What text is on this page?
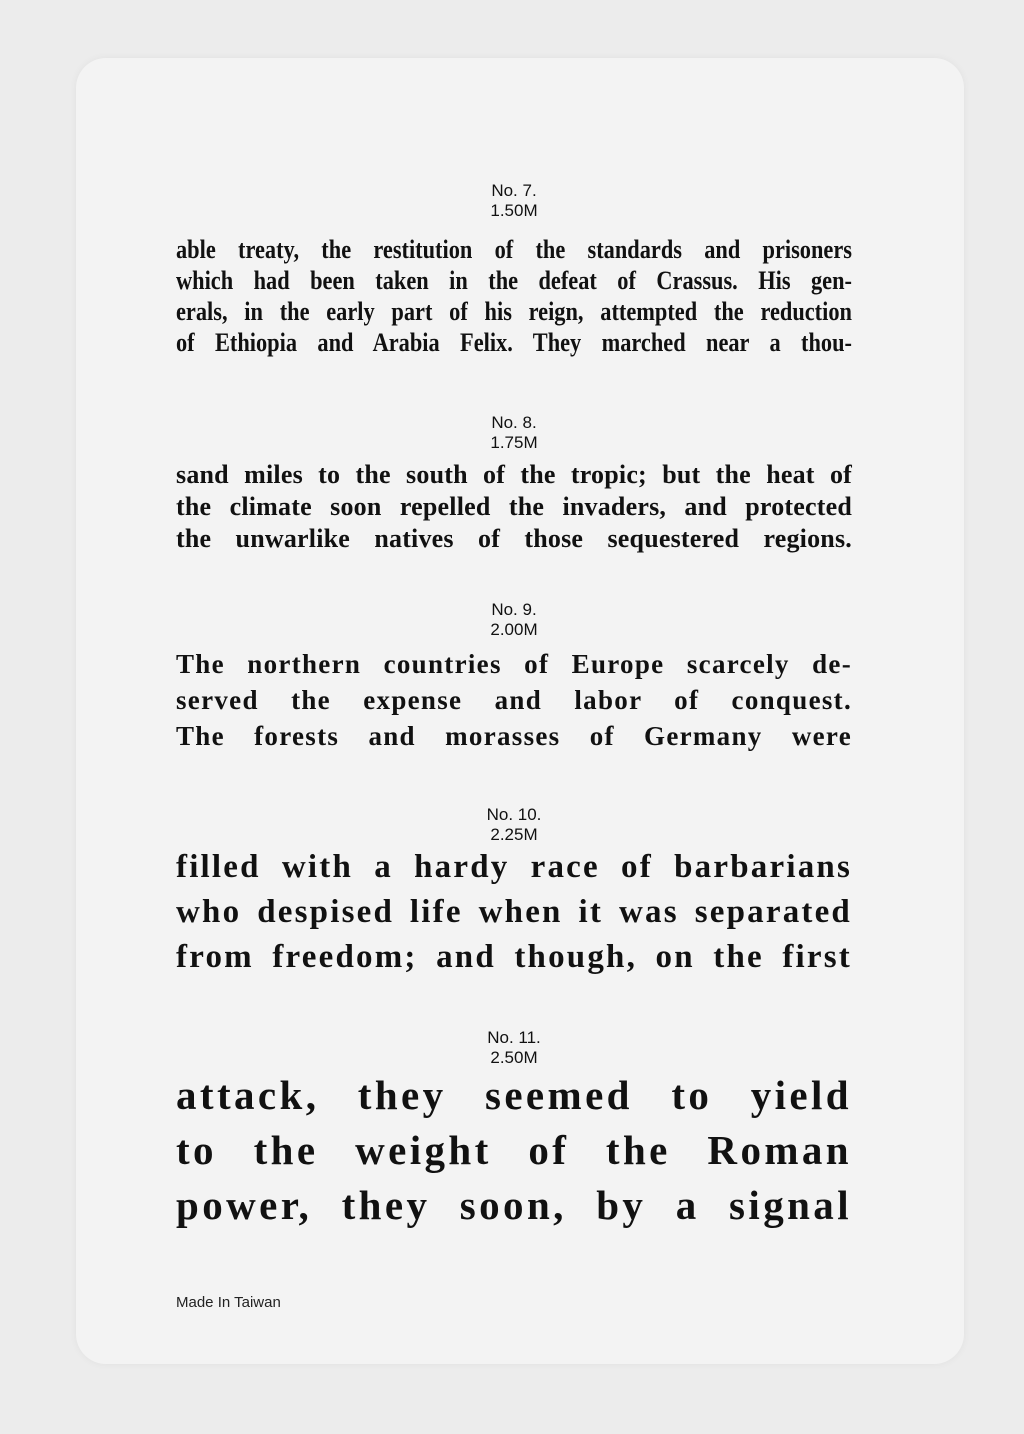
No. 7.
1.50M

able treaty, the restitution of the standards and prisoners
which had been taken in the defeat of Crassus. His gen-
erals, in the early part of his reign, attempted the reduction
of Ethiopia and Arabia Felix. They marched near a thou-

No. 8.
1.75M

sand miles to the south of the tropic; but the heat of
the climate soon repelled the invaders, and protected
the unwarlike natives of those sequestered regions.

No. 9.
2.00M

The northern countries of Europe scarcely de-
served the expense and labor of conquest.
The forests and morasses of Germany were

No. 10.
2.25M

filled with a hardy race of barbarians
who despised life when it was separated
from freedom; and though, on the first

No. 11.
2.50M

attack, they seemed to yield
to the weight of the Roman
power, they soon, by a signal

Made In Taiwan
